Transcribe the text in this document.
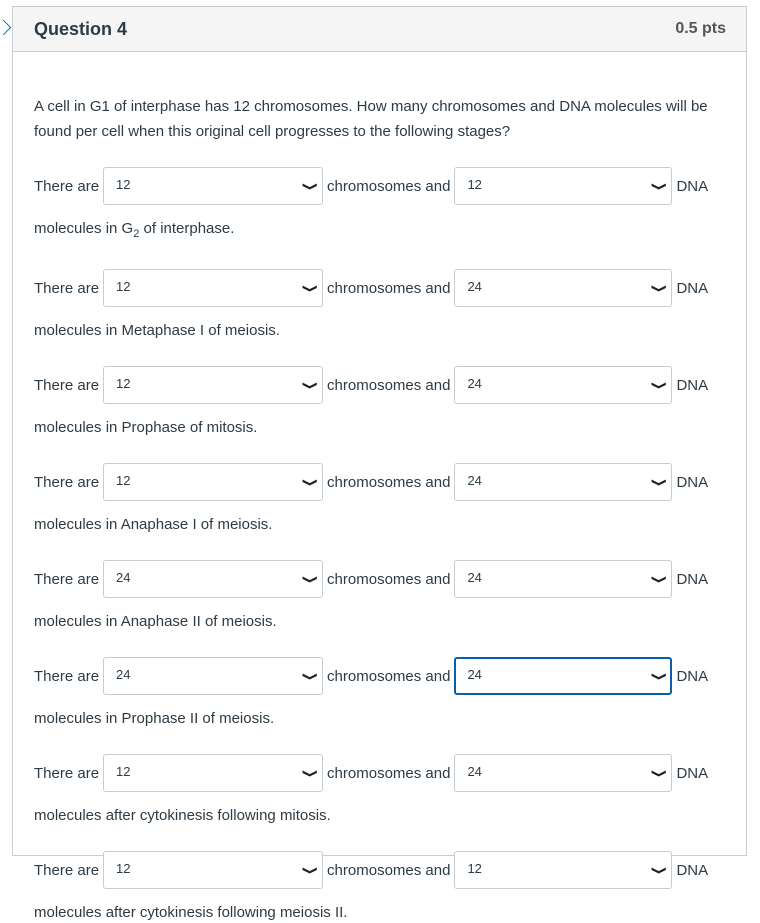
Question 4	0.5 pts

A cell in G1 of interphase has 12 chromosomes. How many chromosomes and DNA molecules will be found per cell when this original cell progresses to the following stages?

There are 12	❯ chromosomes and 12	❯ DNA
molecules in $G_2$ of interphase.
There are 12	❯ chromosomes and 24	❯ DNA
molecules in Metaphase I of meiosis.
There are 12	❯ chromosomes and 24	❯ DNA
molecules in Prophase of mitosis.
There are 12	❯ chromosomes and 24	❯ DNA
molecules in Anaphase I of meiosis.
There are 24	❯ chromosomes and 24	❯ DNA
molecules in Anaphase II of meiosis.
There are 24	❯ chromosomes and 24	❯ DNA
molecules in Prophase II of meiosis.
There are 12	❯ chromosomes and 24	❯ DNA
molecules after cytokinesis following mitosis.
There are 12	❯ chromosomes and 12	❯ DNA
molecules after cytokinesis following meiosis II.
